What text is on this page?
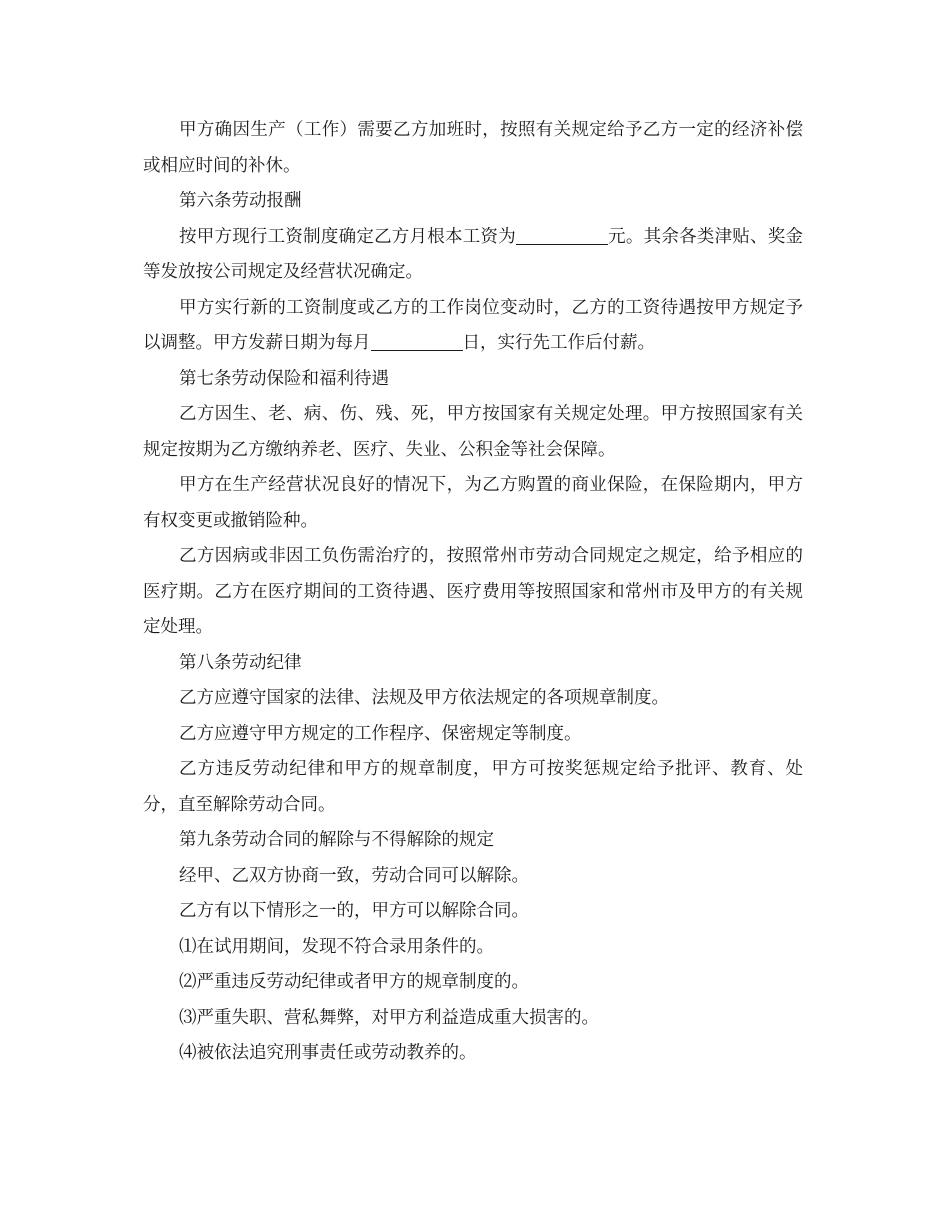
甲方确因生产（工作）需要乙方加班时，按照有关规定给予乙方一定的经济补偿或相应时间的补休。

第六条劳动报酬

按甲方现行工资制度确定乙方月根本工资为	元。其余各类津贴、奖金等发放按公司规定及经营状况确定。

甲方实行新的工资制度或乙方的工作岗位变动时，乙方的工资待遇按甲方规定予以调整。甲方发薪日期为每月	日，实行先工作后付薪。

第七条劳动保险和福利待遇

乙方因生、老、病、伤、残、死，甲方按国家有关规定处理。甲方按照国家有关规定按期为乙方缴纳养老、医疗、失业、公积金等社会保障。

甲方在生产经营状况良好的情况下，为乙方购置的商业保险，在保险期内，甲方有权变更或撤销险种。

乙方因病或非因工负伤需治疗的，按照常州市劳动合同规定之规定，给予相应的医疗期。乙方在医疗期间的工资待遇、医疗费用等按照国家和常州市及甲方的有关规定处理。

第八条劳动纪律

乙方应遵守国家的法律、法规及甲方依法规定的各项规章制度。

乙方应遵守甲方规定的工作程序、保密规定等制度。

乙方违反劳动纪律和甲方的规章制度，甲方可按奖惩规定给予批评、教育、处分，直至解除劳动合同。

第九条劳动合同的解除与不得解除的规定

经甲、乙双方协商一致，劳动合同可以解除。

乙方有以下情形之一的，甲方可以解除合同。

⑴在试用期间，发现不符合录用条件的。

⑵严重违反劳动纪律或者甲方的规章制度的。

⑶严重失职、营私舞弊，对甲方利益造成重大损害的。

⑷被依法追究刑事责任或劳动教养的。
